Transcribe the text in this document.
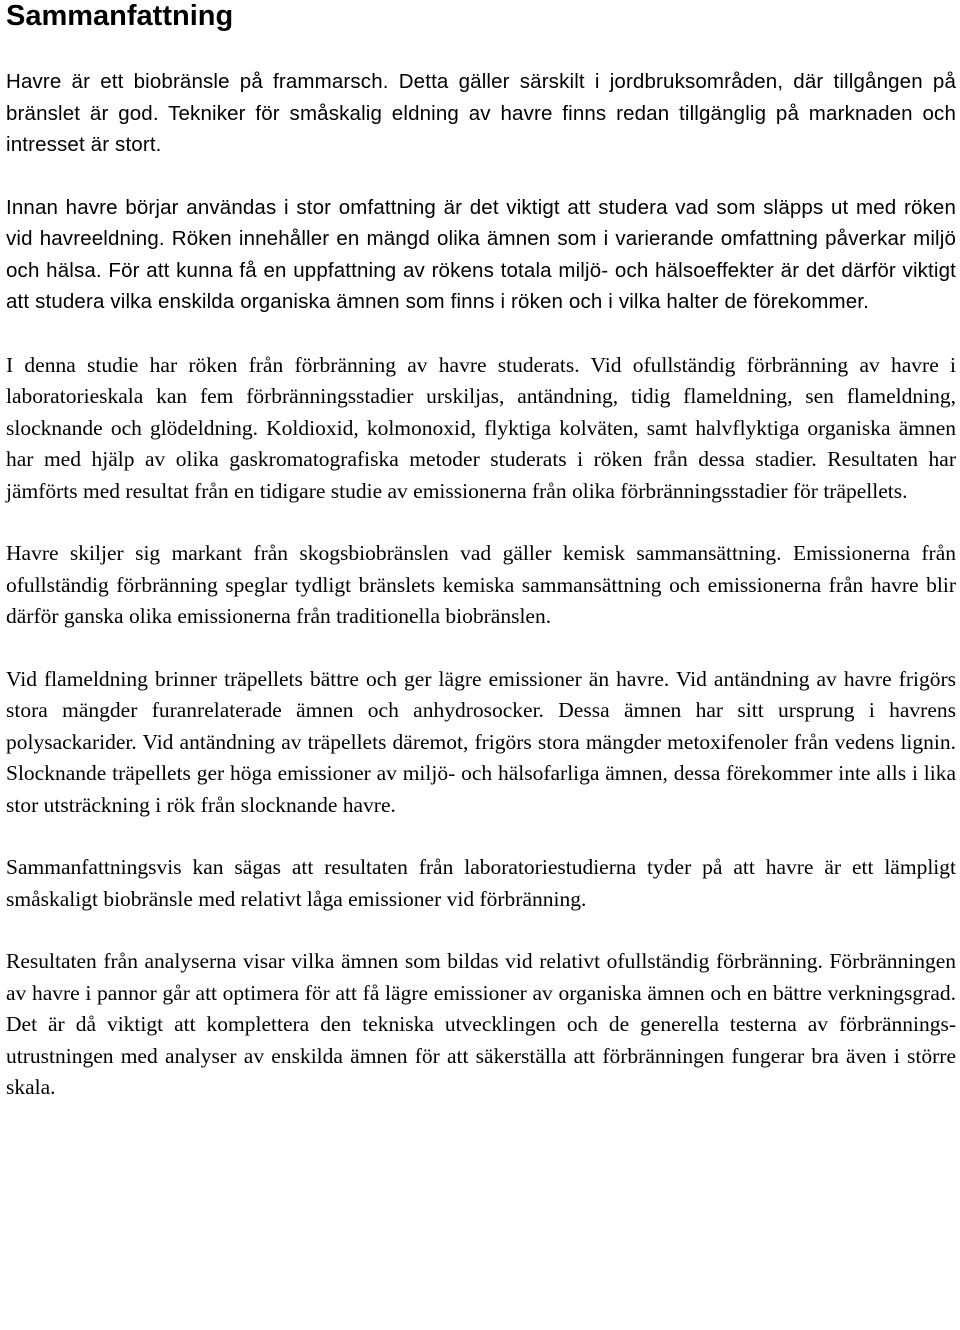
Sammanfattning

Havre är ett biobränsle på frammarsch. Detta gäller särskilt i jordbruksområden, där tillgången på bränslet är god. Tekniker för småskalig eldning av havre finns redan tillgänglig på marknaden och intresset är stort.

Innan havre börjar användas i stor omfattning är det viktigt att studera vad som släpps ut med röken vid havreeldning. Röken innehåller en mängd olika ämnen som i varierande omfattning påverkar miljö och hälsa. För att kunna få en uppfattning av rökens totala miljö- och hälsoeffekter är det därför viktigt att studera vilka enskilda organiska ämnen som finns i röken och i vilka halter de förekommer.

I denna studie har röken från förbränning av havre studerats. Vid ofullständig förbränning av havre i laboratorieskala kan fem förbränningsstadier urskiljas, antändning, tidig flameldning, sen flameldning, slocknande och glödeldning. Koldioxid, kolmonoxid, flyktiga kolväten, samt halvflyktiga organiska ämnen har med hjälp av olika gaskromatografiska metoder studerats i röken från dessa stadier. Resultaten har jämförts med resultat från en tidigare studie av emissionerna från olika förbränningsstadier för träpellets.

Havre skiljer sig markant från skogsbiobränslen vad gäller kemisk sammansättning. Emissionerna från ofullständig förbränning speglar tydligt bränslets kemiska sammansättning och emissionerna från havre blir därför ganska olika emissionerna från traditionella biobränslen.

Vid flameldning brinner träpellets bättre och ger lägre emissioner än havre. Vid antändning av havre frigörs stora mängder furanrelaterade ämnen och anhydrosocker. Dessa ämnen har sitt ursprung i havrens polysackarider. Vid antändning av träpellets däremot, frigörs stora mängder metoxifenoler från vedens lignin. Slocknande träpellets ger höga emissioner av miljö- och hälsofarliga ämnen, dessa förekommer inte alls i lika stor utsträckning i rök från slocknande havre.

Sammanfattningsvis kan sägas att resultaten från laboratoriestudierna tyder på att havre är ett lämpligt småskaligt biobränsle med relativt låga emissioner vid förbränning.

Resultaten från analyserna visar vilka ämnen som bildas vid relativt ofullständig förbränning. Förbränningen av havre i pannor går att optimera för att få lägre emissioner av organiska ämnen och en bättre verkningsgrad. Det är då viktigt att komplettera den tekniska utvecklingen och de generella testerna av förbrännings-utrustningen med analyser av enskilda ämnen för att säkerställa att förbränningen fungerar bra även i större skala.
